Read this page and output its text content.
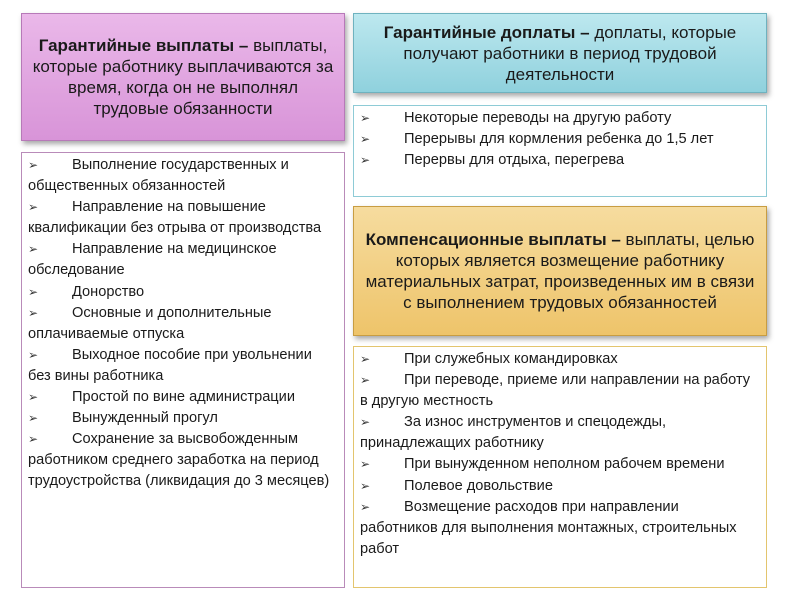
Гарантийные выплаты – выплаты, которые работнику выплачиваются за время, когда он не выполнял трудовые обязанности
➢ Выполнение государственных и общественных обязанностей
➢ Направление на повышение квалификации без отрыва от производства
➢ Направление на медицинское обследование
➢ Донорство
➢ Основные и дополнительные оплачиваемые отпуска
➢ Выходное пособие при увольнении без вины работника
➢ Простой по вине администрации
➢ Вынужденный прогул
➢ Сохранение за высвобожденным работником среднего заработка на период трудоустройства (ликвидация до 3 месяцев)
Гарантийные доплаты – доплаты, которые получают работники в период трудовой деятельности
➢ Некоторые переводы на другую работу
➢ Перерывы для кормления ребенка до 1,5 лет
➢ Перервы для отдыха, перегрева
Компенсационные выплаты – выплаты, целью которых является возмещение работнику материальных затрат, произведенных им в связи с выполнением трудовых обязанностей
➢ При служебных командировках
➢ При переводе, приеме или направлении на работу в другую местность
➢ За износ инструментов и спецодежды, принадлежащих работнику
➢ При вынужденном неполном рабочем времени
➢ Полевое довольствие
➢ Возмещение расходов при направлении работников для выполнения монтажных, строительных работ
